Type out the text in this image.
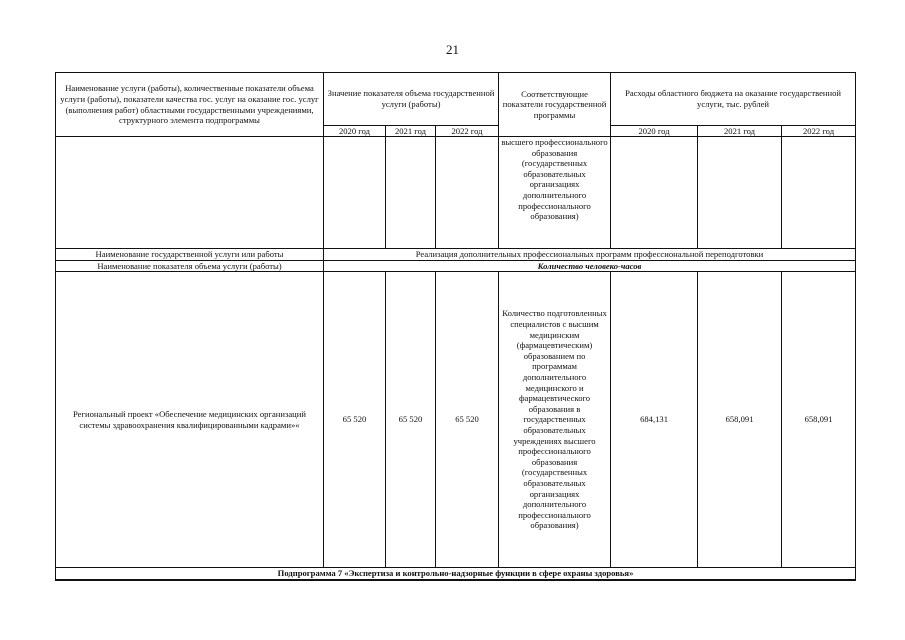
21
Наименование услуги (работы), количественные показатели объема услуги (работы), показатели качества гос. услуг на оказание гос. услуг (выполнения работ) областными государственными учреждениями, структурного элемента подпрограммы	Значение показателя объема государственной услуги (работы)			Соответствующие показатели государственной программы	Расходы областного бюджета на оказание государственной услуги, тыс. рублей		
	2020 год	2021 год	2022 год		2020 год	2021 год	2022 год
				высшего профессионального образования (государственных образовательных организациях дополнительного профессионального образования)			
Наименование государственной услуги или работы	Реализация дополнительных профессиональных программ профессиональной переподготовки						
Наименование показателя объема услуги (работы)	Количество человеко-часов						
Региональный проект «Обеспечение медицинских организаций системы здравоохранения квалифицированными кадрами»«	65 520	65 520	65 520	Количество подготовленных специалистов с высшим медицинским (фармацевтическим) образованием по программам дополнительного медицинского и фармацевтического образования в государственных образовательных учреждениях высшего профессионального образования (государственных образовательных организациях дополнительного профессионального образования)	684,131	658,091	658,091
Подпрограмма 7 «Экспертиза и контрольно-надзорные функции в сфере охраны здоровья»							
